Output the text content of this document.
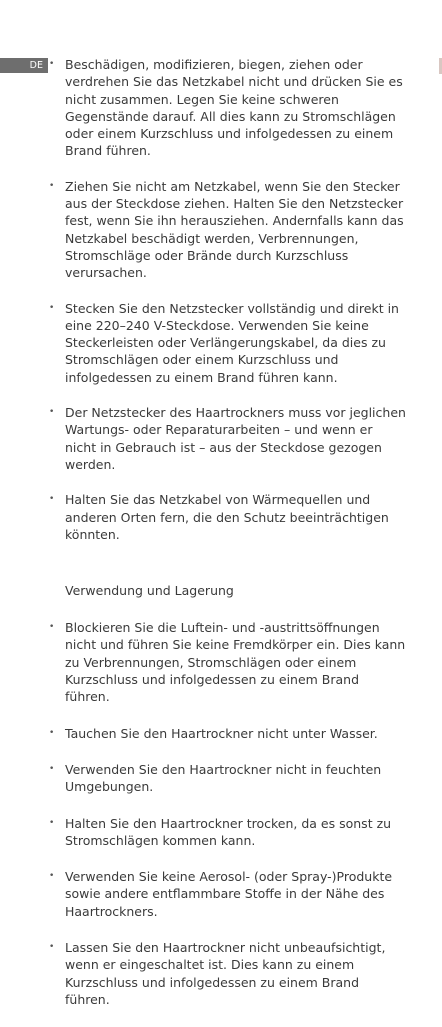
DE
•	Beschädigen, modifizieren, biegen, ziehen oder verdrehen Sie das Netzkabel nicht und drücken Sie es nicht zusammen. Legen Sie keine schweren Gegenstände darauf. All dies kann zu Stromschlägen oder einem Kurzschluss und infolgedessen zu einem Brand führen.
• Ziehen Sie nicht am Netzkabel, wenn Sie den Stecker aus der Steckdose ziehen. Halten Sie den Netzstecker fest, wenn Sie ihn herausziehen. Andernfalls kann das Netzkabel beschädigt werden, Verbrennungen, Stromschläge oder Brände durch Kurzschluss verursachen.
• Stecken Sie den Netzstecker vollständig und direkt in eine 220–240 V-Steckdose. Verwenden Sie keine Steckerleisten oder Verlängerungskabel, da dies zu Stromschlägen oder einem Kurzschluss und infolgedessen zu einem Brand führen kann.
• Der Netzstecker des Haartrockners muss vor jeglichen Wartungs- oder Reparaturarbeiten – und wenn er nicht in Gebrauch ist – aus der Steckdose gezogen werden.
• Halten Sie das Netzkabel von Wärmequellen und anderen Orten fern, die den Schutz beeinträchtigen könnten.
Verwendung und Lagerung
• Blockieren Sie die Luftein- und -austrittsöffnungen nicht und führen Sie keine Fremdkörper ein. Dies kann zu Verbrennungen, Stromschlägen oder einem Kurzschluss und infolgedessen zu einem Brand führen.
• Tauchen Sie den Haartrockner nicht unter Wasser.
• Verwenden Sie den Haartrockner nicht in feuchten Umgebungen.
• Halten Sie den Haartrockner trocken, da es sonst zu Stromschlägen kommen kann.
• Verwenden Sie keine Aerosol- (oder Spray-)Produkte sowie andere entflammbare Stoffe in der Nähe des Haartrockners.
• Lassen Sie den Haartrockner nicht unbeaufsichtigt, wenn er eingeschaltet ist. Dies kann zu einem Kurzschluss und infolgedessen zu einem Brand führen.
